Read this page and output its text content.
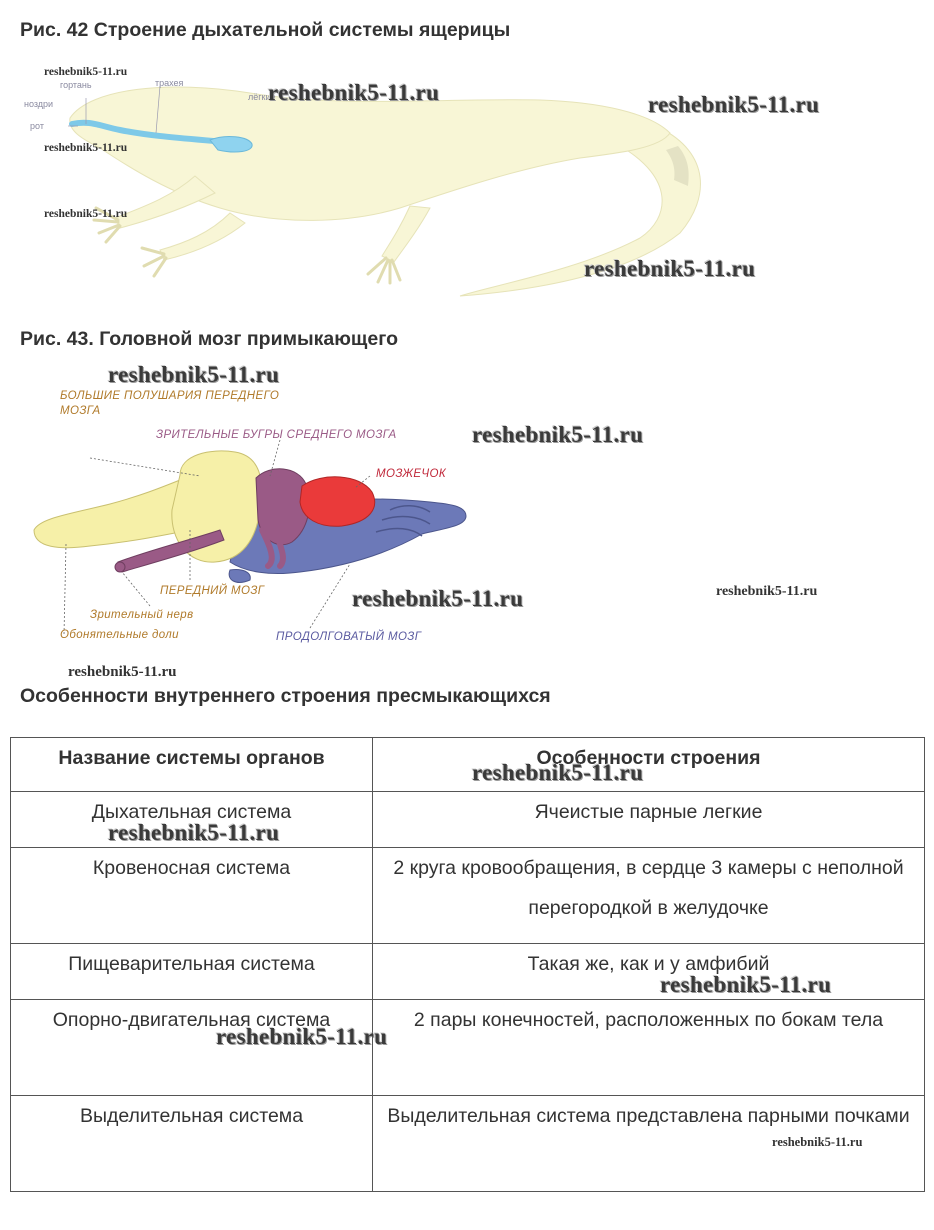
Рис. 42 Строение дыхательной системы ящерицы
трахея
гортань
ноздри
рот
лёгкие
reshebnik5-11.ru
reshebnik5-11.ru
reshebnik5-11.ru
reshebnik5-11.ru	reshebnik5-11.ru
reshebnik5-11.ru
Рис. 43. Головной мозг примыкающего
БОЛЬШИЕ ПОЛУШАРИЯ ПЕРЕДНЕГО
МОЗГА
ЗРИТЕЛЬНЫЕ БУГРЫ СРЕДНЕГО МОЗГА
МОЗЖЕЧОК
ПЕРЕДНИЙ МОЗГ
Зрительный нерв
Обонятельные доли	ПРОДОЛГОВАТЫЙ МОЗГ
reshebnik5-11.ru
reshebnik5-11.ru
reshebnik5-11.ru	reshebnik5-11.ru
reshebnik5-11.ru
Особенности внутреннего строения пресмыкающихся
Название системы органов	Особенности строения
Дыхательная система	Ячеистые парные легкие
Кровеносная система	2 круга кровообращения, в сердце 3 камеры с неполной перегородкой в желудочке
Пищеварительная система	Такая же, как и у амфибий
Опорно-двигательная система	2 пары конечностей, расположенных по бокам тела
Выделительная система	Выделительная система представлена парными почками
reshebnik5-11.ru
reshebnik5-11.ru
reshebnik5-11.ru
reshebnik5-11.ru
reshebnik5-11.ru
